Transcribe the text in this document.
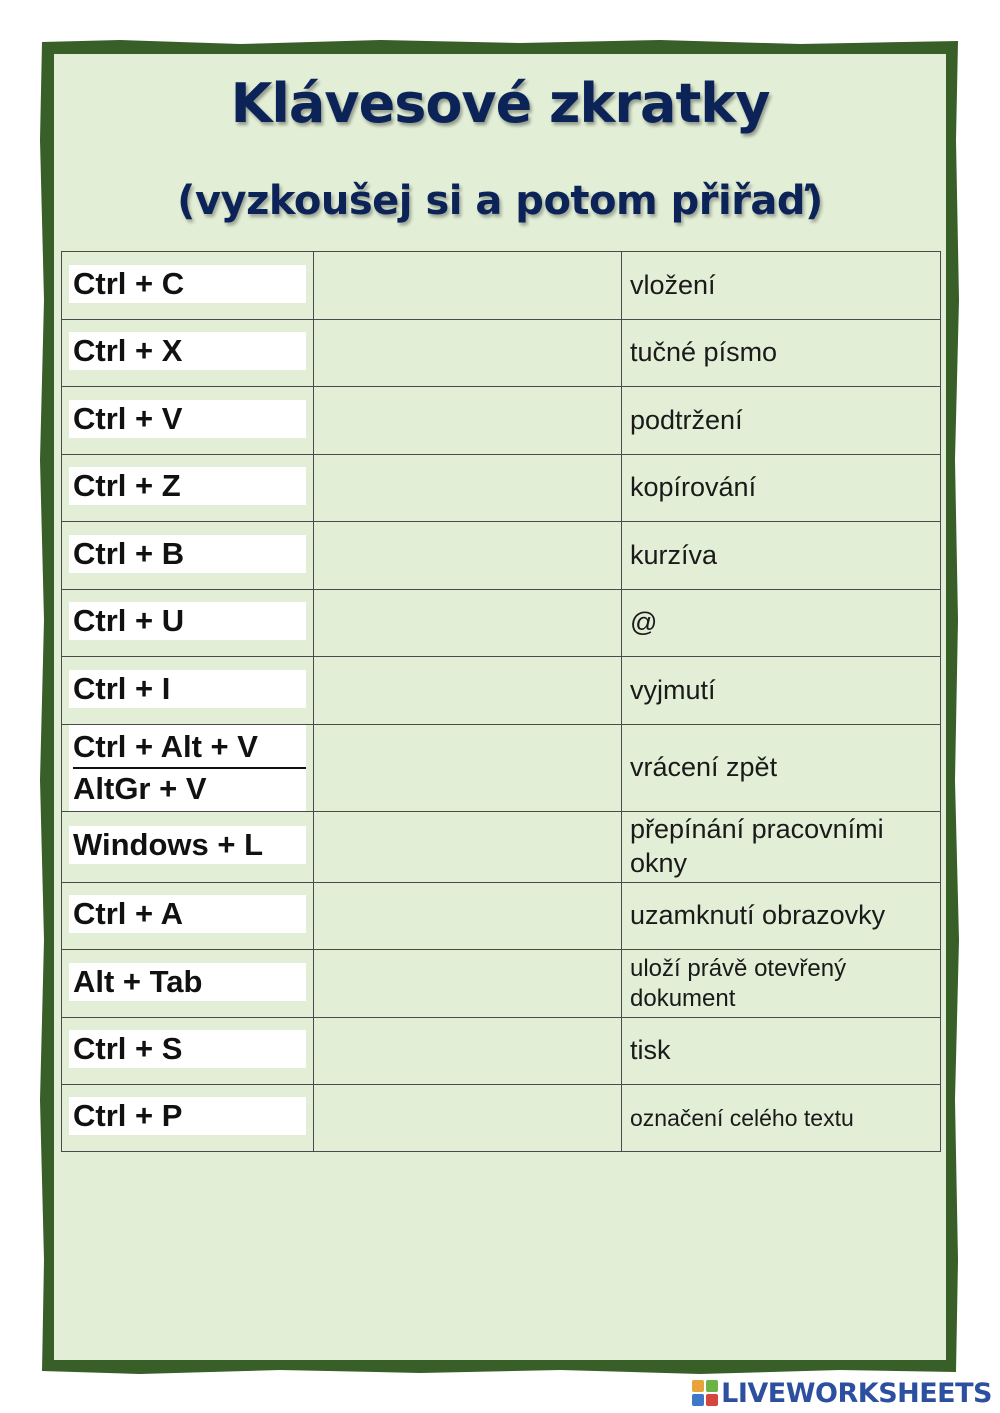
Klávesové zkratky
(vyzkoušej si a potom přiřaď)
Ctrl + C		vložení

Ctrl + X		tučné písmo

Ctrl + V		podtržení

Ctrl + Z		kopírování

Ctrl + B		kurzíva

Ctrl + U		@

Ctrl + I		vyjmutí

Ctrl + Alt + V
AltGr + V		vrácení zpět

Windows + L		přepínání pracovními okny

Ctrl + A		uzamknutí obrazovky

Alt + Tab		uloží právě otevřený dokument

Ctrl + S		tisk

Ctrl + P		označení celého textu
LIVEWORKSHEETS
